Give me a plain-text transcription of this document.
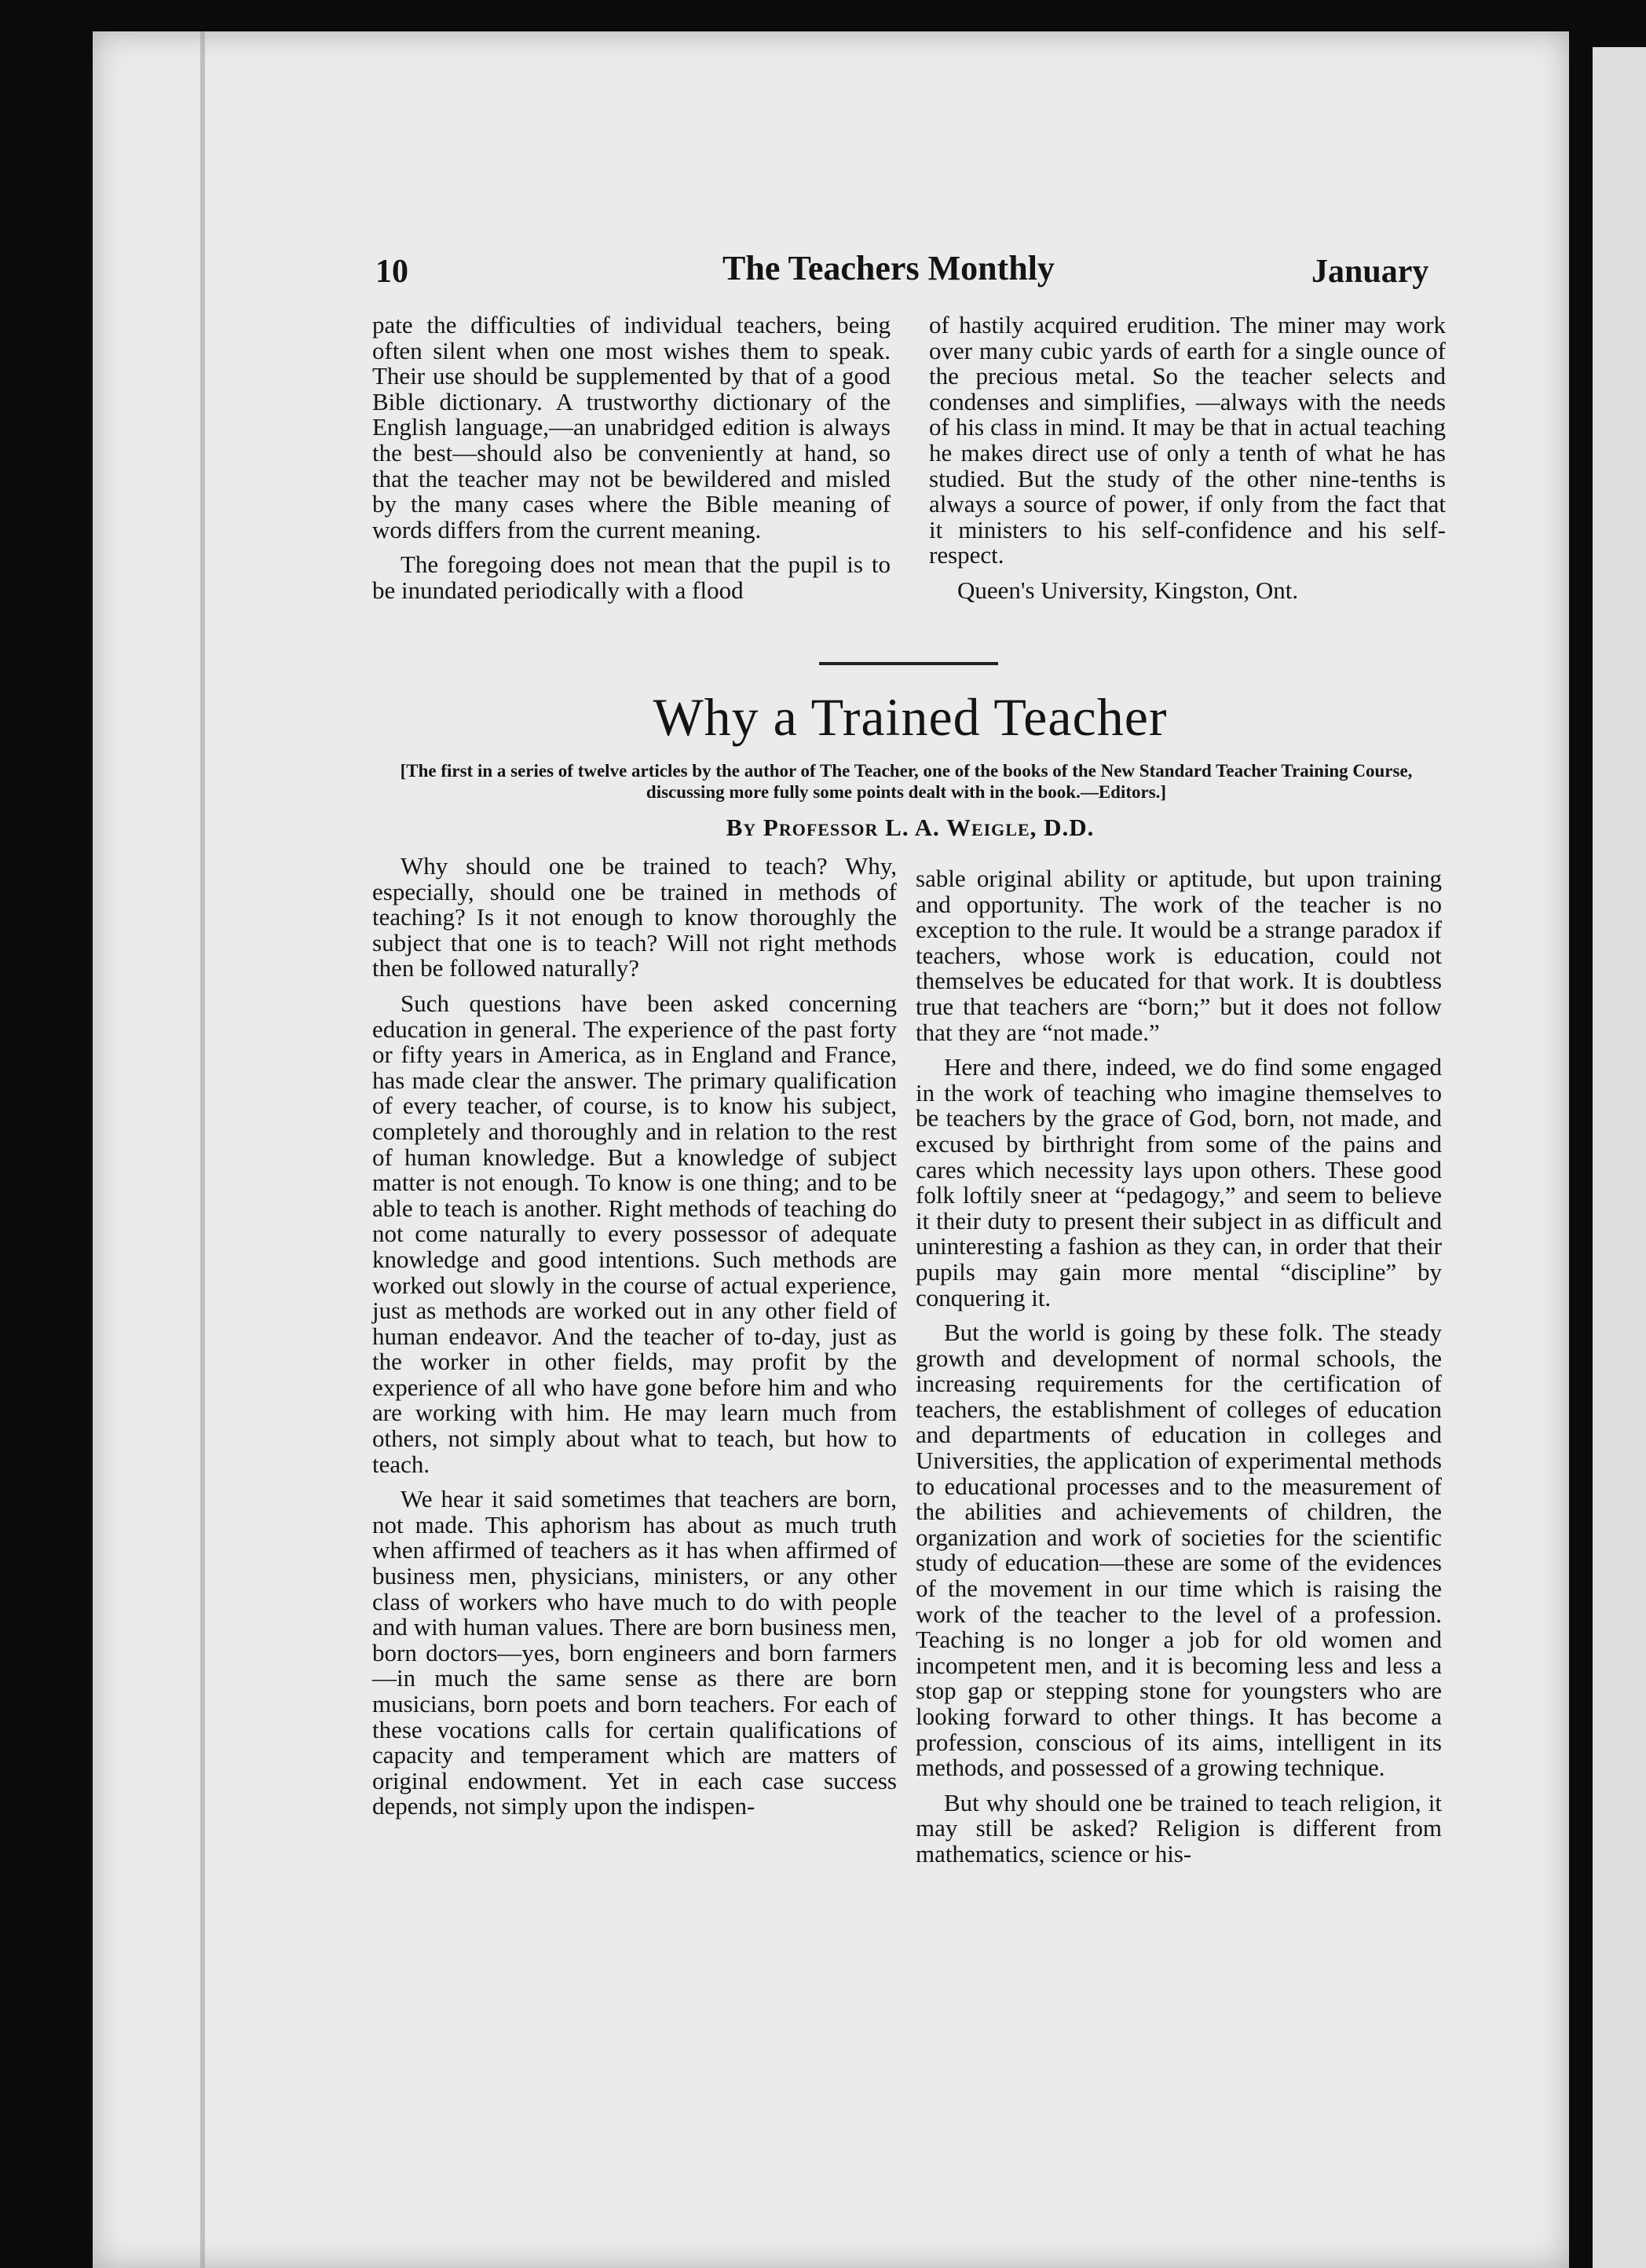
10	The Teachers Monthly	January

pate the difficulties of individual teachers, being often silent when one most wishes them to speak. Their use should be supplemented by that of a good Bible dictionary. A trustworthy dictionary of the English language,—an unabridged edition is always the best—should also be conveniently at hand, so that the teacher may not be bewildered and misled by the many cases where the Bible meaning of words differs from the current meaning.

The foregoing does not mean that the pupil is to be inundated periodically with a flood

of hastily acquired erudition. The miner may work over many cubic yards of earth for a single ounce of the precious metal. So the teacher selects and condenses and simplifies, —always with the needs of his class in mind. It may be that in actual teaching he makes direct use of only a tenth of what he has studied. But the study of the other nine-tenths is always a source of power, if only from the fact that it ministers to his self-confidence and his self-respect.

Queen's University, Kingston, Ont.

Why a Trained Teacher
[The first in a series of twelve articles by the author of The Teacher, one of the books of the New Standard Teacher Training Course, discussing more fully some points dealt with in the book.—Editors.]
By Professor L. A. Weigle, D.D.

Why should one be trained to teach? Why, especially, should one be trained in methods of teaching? Is it not enough to know thoroughly the subject that one is to teach? Will not right methods then be followed naturally?

Such questions have been asked concerning education in general. The experience of the past forty or fifty years in America, as in England and France, has made clear the answer. The primary qualification of every teacher, of course, is to know his subject, completely and thoroughly and in relation to the rest of human knowledge. But a knowledge of subject matter is not enough. To know is one thing; and to be able to teach is another. Right methods of teaching do not come naturally to every possessor of adequate knowledge and good intentions. Such methods are worked out slowly in the course of actual experience, just as methods are worked out in any other field of human endeavor. And the teacher of to-day, just as the worker in other fields, may profit by the experience of all who have gone before him and who are working with him. He may learn much from others, not simply about what to teach, but how to teach.

We hear it said sometimes that teachers are born, not made. This aphorism has about as much truth when affirmed of teachers as it has when affirmed of business men, physicians, ministers, or any other class of workers who have much to do with people and with human values. There are born business men, born doctors—yes, born engineers and born farmers—in much the same sense as there are born musicians, born poets and born teachers. For each of these vocations calls for certain qualifications of capacity and temperament which are matters of original endowment. Yet in each case success depends, not simply upon the indispen-

sable original ability or aptitude, but upon training and opportunity. The work of the teacher is no exception to the rule. It would be a strange paradox if teachers, whose work is education, could not themselves be educated for that work. It is doubtless true that teachers are “born;” but it does not follow that they are “not made.”

Here and there, indeed, we do find some engaged in the work of teaching who imagine themselves to be teachers by the grace of God, born, not made, and excused by birthright from some of the pains and cares which necessity lays upon others. These good folk loftily sneer at “pedagogy,” and seem to believe it their duty to present their subject in as difficult and uninteresting a fashion as they can, in order that their pupils may gain more mental “discipline” by conquering it.

But the world is going by these folk. The steady growth and development of normal schools, the increasing requirements for the certification of teachers, the establishment of colleges of education and departments of education in colleges and Universities, the application of experimental methods to educational processes and to the measurement of the abilities and achievements of children, the organization and work of societies for the scientific study of education—these are some of the evidences of the movement in our time which is raising the work of the teacher to the level of a profession. Teaching is no longer a job for old women and incompetent men, and it is becoming less and less a stop gap or stepping stone for youngsters who are looking forward to other things. It has become a profession, conscious of its aims, intelligent in its methods, and possessed of a growing technique.

But why should one be trained to teach religion, it may still be asked? Religion is different from mathematics, science or his-
